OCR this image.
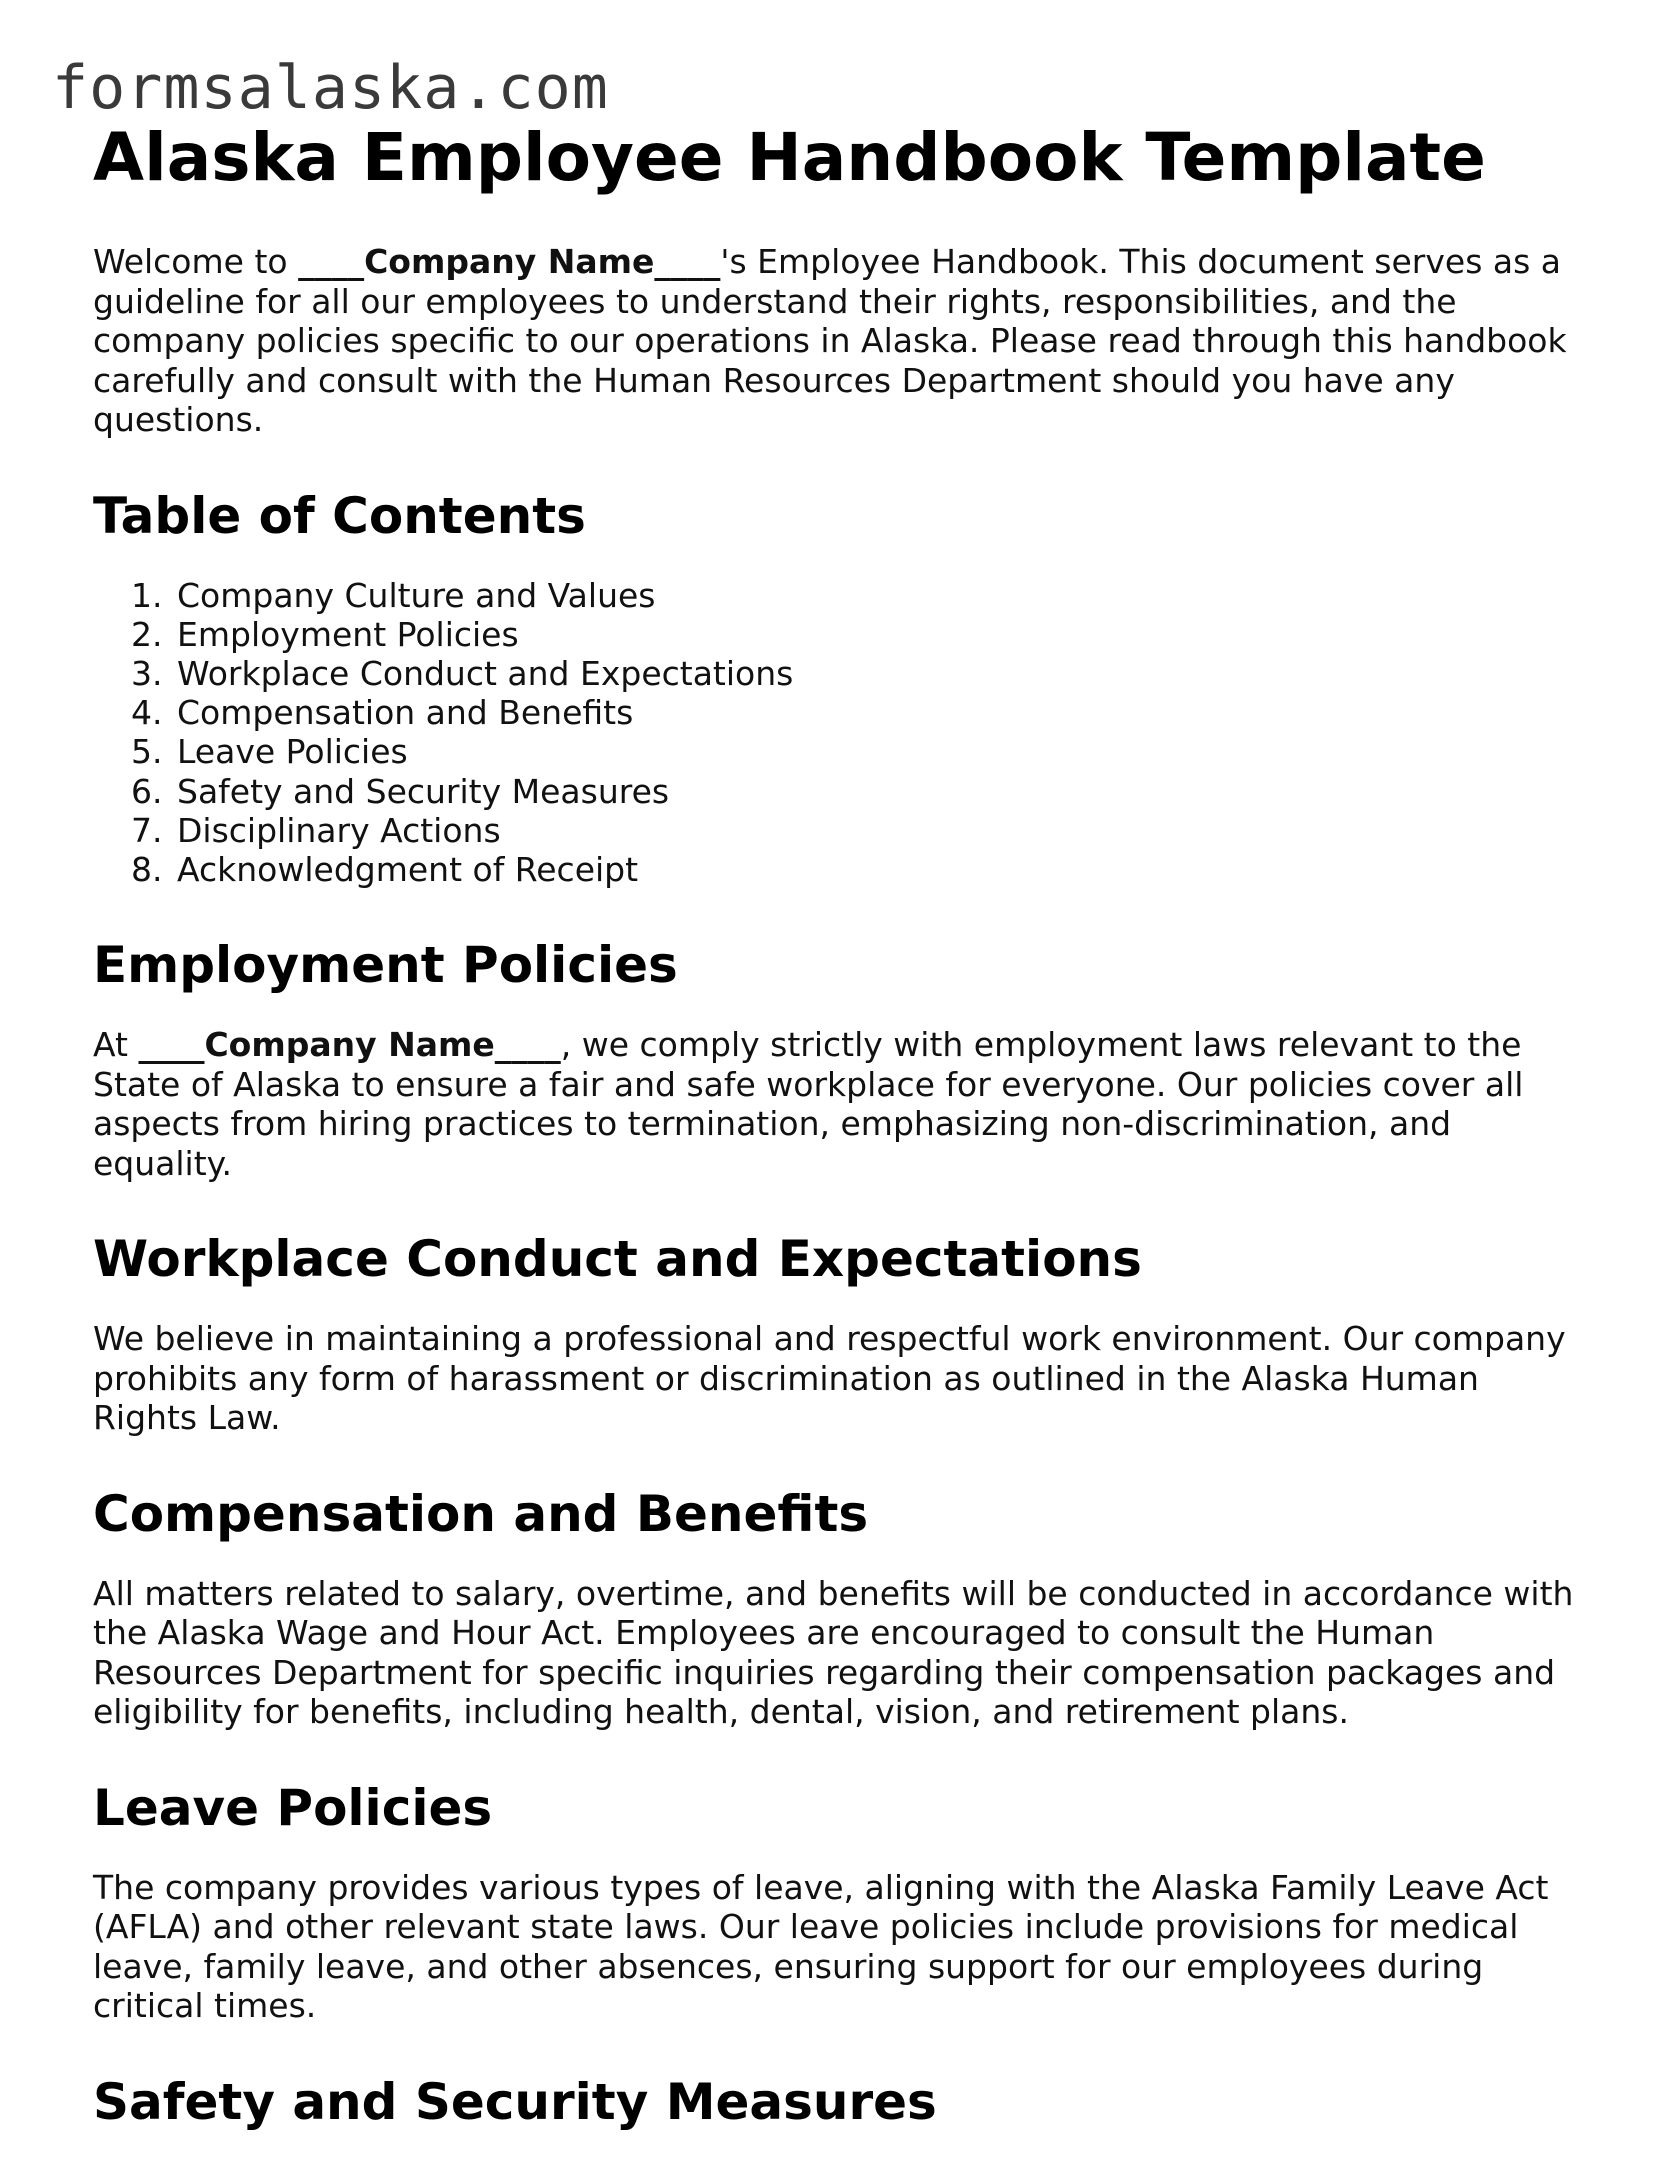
formsalaska.com
Alaska Employee Handbook Template

Welcome to ____Company Name____'s Employee Handbook. This document serves as a guideline for all our employees to understand their rights, responsibilities, and the company policies specific to our operations in Alaska. Please read through this handbook carefully and consult with the Human Resources Department should you have any questions.

Table of Contents
1. Company Culture and Values
2. Employment Policies
3. Workplace Conduct and Expectations
4. Compensation and Benefits
5. Leave Policies
6. Safety and Security Measures
7. Disciplinary Actions
8. Acknowledgment of Receipt
Employment Policies

At ____Company Name____, we comply strictly with employment laws relevant to the State of Alaska to ensure a fair and safe workplace for everyone. Our policies cover all aspects from hiring practices to termination, emphasizing non-discrimination, and equality.

Workplace Conduct and Expectations

We believe in maintaining a professional and respectful work environment. Our company prohibits any form of harassment or discrimination as outlined in the Alaska Human Rights Law.

Compensation and Benefits

All matters related to salary, overtime, and benefits will be conducted in accordance with the Alaska Wage and Hour Act. Employees are encouraged to consult the Human Resources Department for specific inquiries regarding their compensation packages and eligibility for benefits, including health, dental, vision, and retirement plans.

Leave Policies

The company provides various types of leave, aligning with the Alaska Family Leave Act (AFLA) and other relevant state laws. Our leave policies include provisions for medical leave, family leave, and other absences, ensuring support for our employees during critical times.

Safety and Security Measures
